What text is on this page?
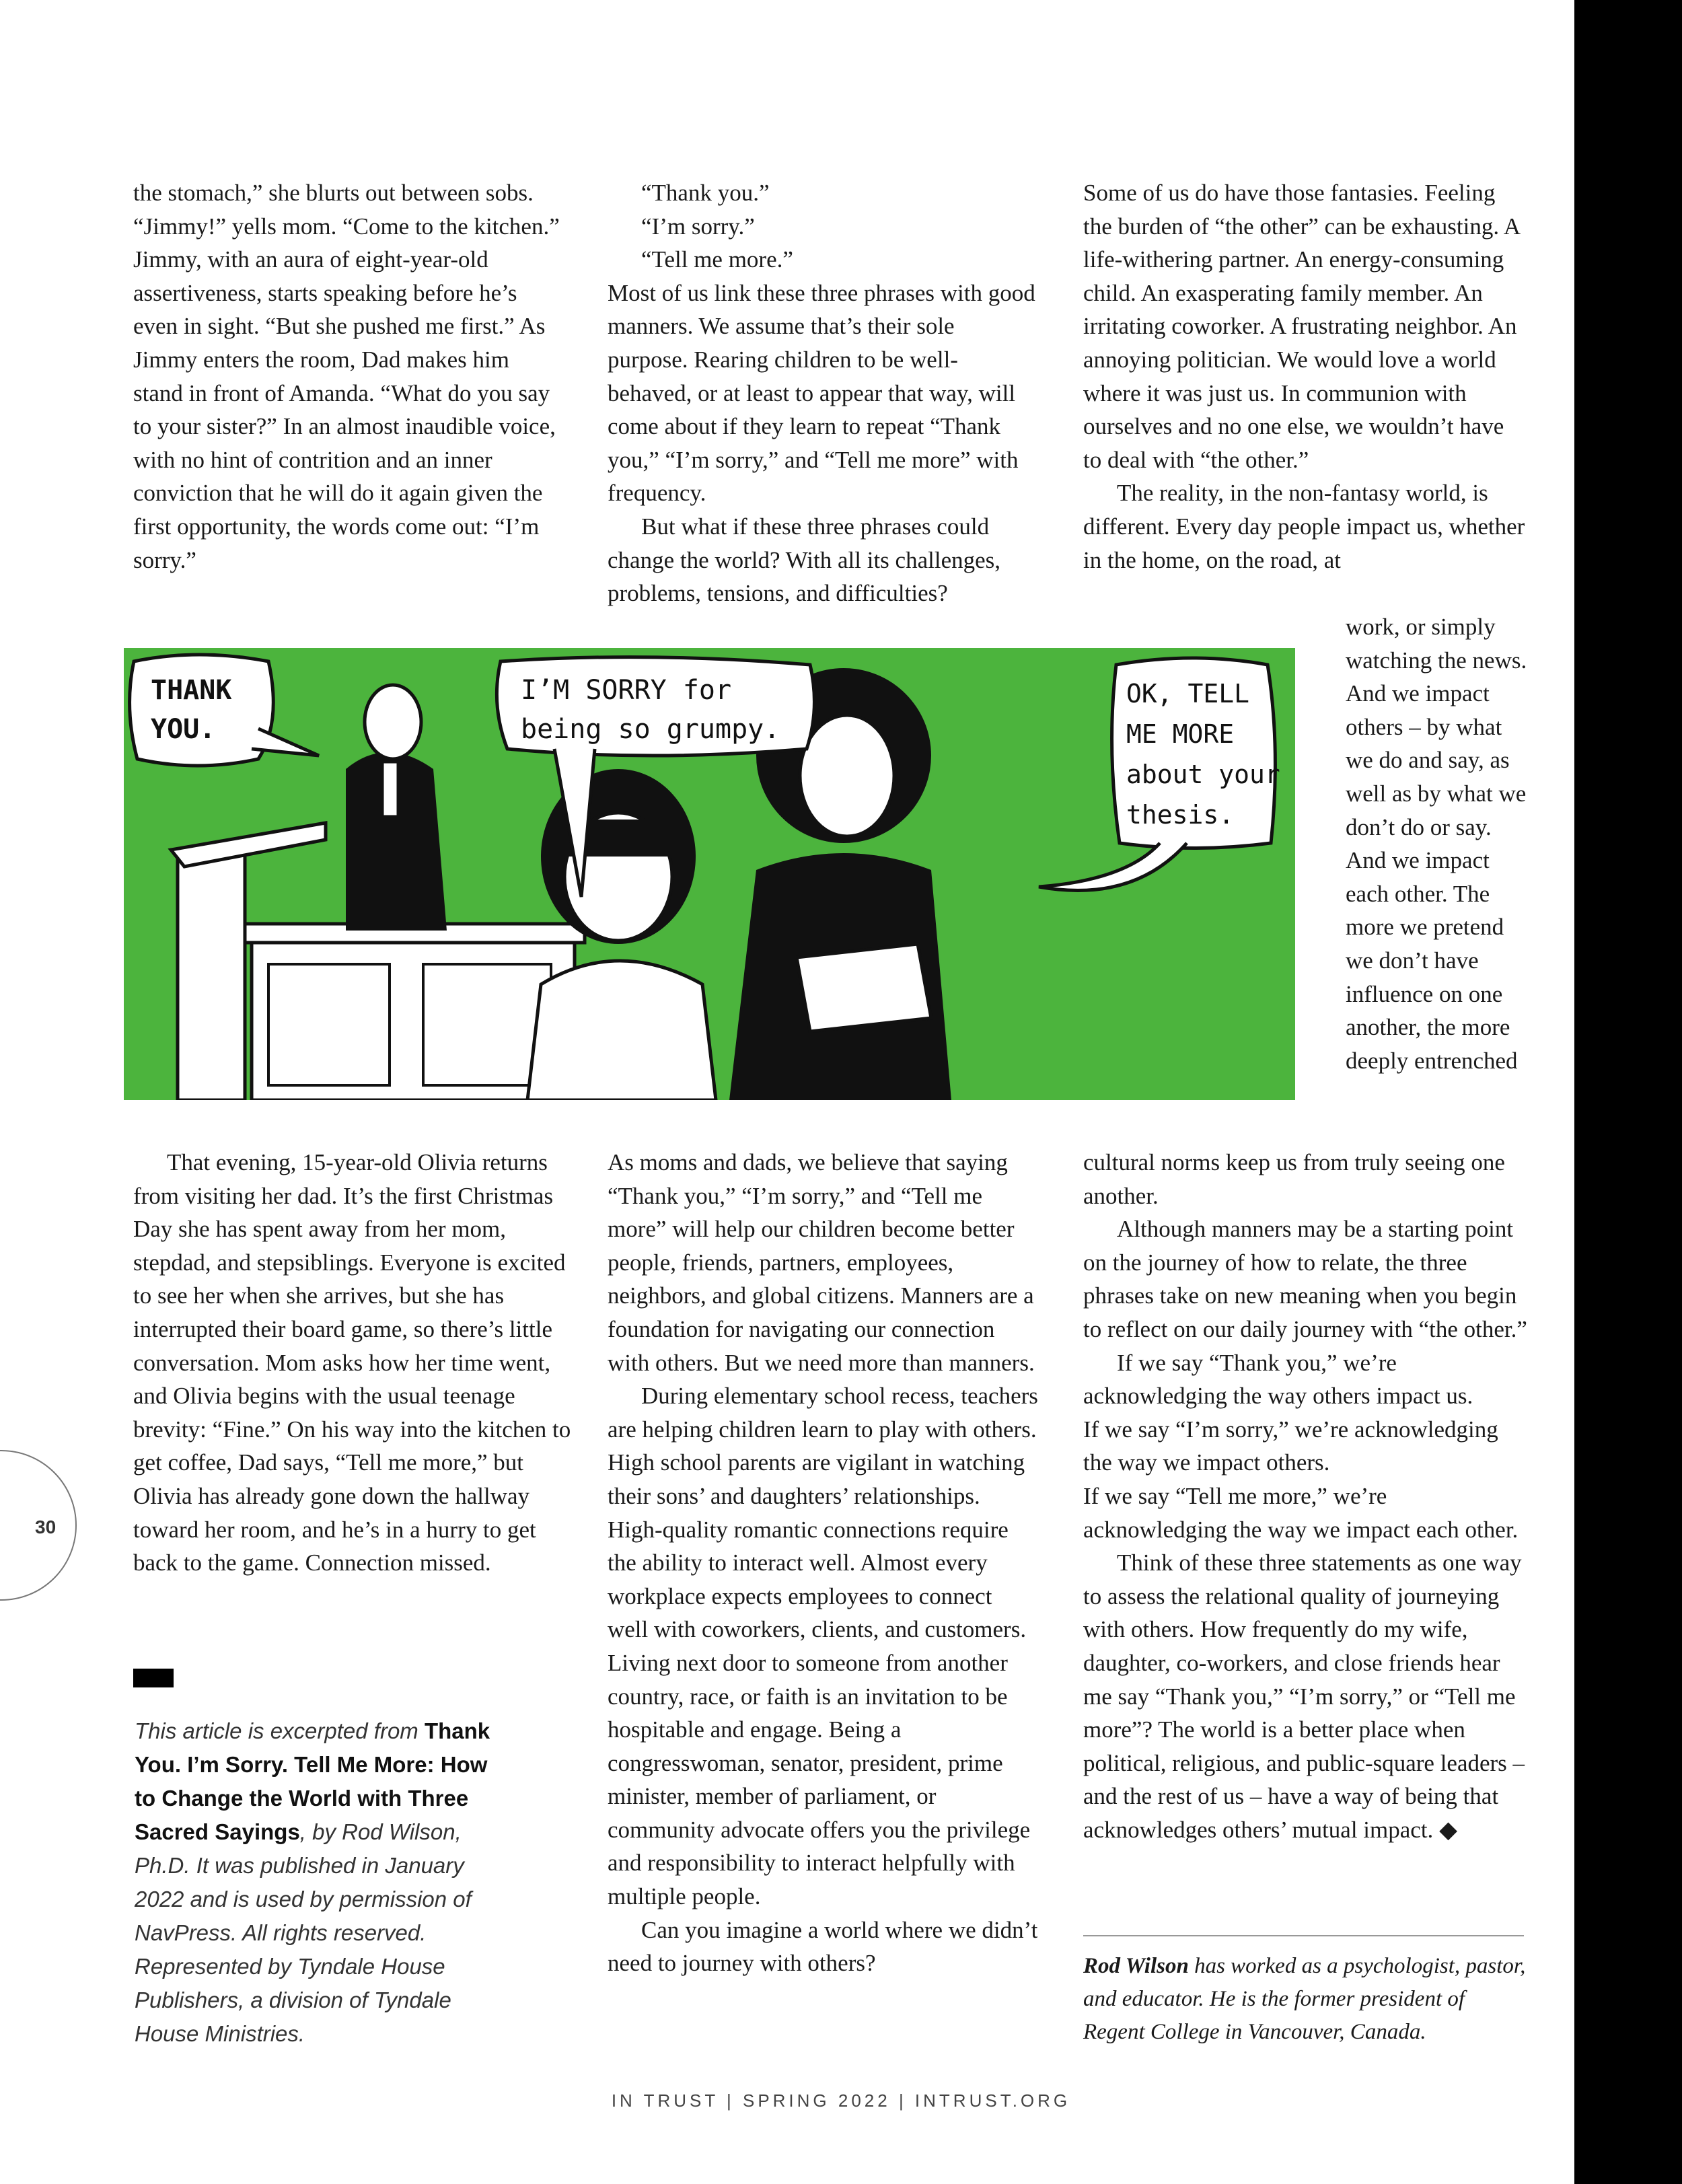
the stomach,” she blurts out between sobs. “Jimmy!” yells mom. “Come to the kitchen.” Jimmy, with an aura of eight-year-old assertiveness, starts speaking before he’s even in sight. “But she pushed me first.” As Jimmy enters the room, Dad makes him stand in front of Amanda. “What do you say to your sister?” In an almost inaudible voice, with no hint of contrition and an inner conviction that he will do it again given the first opportunity, the words come out: “I’m sorry.”

“Thank you.”

“I’m sorry.”

“Tell me more.”

Most of us link these three phrases with good manners. We assume that’s their sole purpose. Rearing children to be well-behaved, or at least to appear that way, will come about if they learn to repeat “Thank you,” “I’m sorry,” and “Tell me more” with frequency.

But what if these three phrases could change the world? With all its challenges, problems, tensions, and difficulties?

Some of us do have those fantasies. Feeling the burden of “the other” can be exhausting. A life-withering partner. An energy-consuming child. An exasperating family member. An irritating coworker. A frustrating neighbor. An annoying politician. We would love a world where it was just us. In communion with ourselves and no one else, we wouldn’t have to deal with “the other.”

The reality, in the non-fantasy world, is different. Every day people impact us, whether in the home, on the road, at

work, or simply watching the news. And we impact others – by what we do and say, as well as by what we don’t do or say. And we impact each other. The more we pretend we don’t have influence on one another, the more deeply entrenched

THANK
YOU.
I’M SORRY for
being so grumpy.
OK, TELL
ME MORE
about your
thesis.

That evening, 15-year-old Olivia returns from visiting her dad. It’s the first Christmas Day she has spent away from her mom, stepdad, and stepsiblings. Everyone is excited to see her when she arrives, but she has interrupted their board game, so there’s little conversation. Mom asks how her time went, and Olivia begins with the usual teenage brevity: “Fine.” On his way into the kitchen to get coffee, Dad says, “Tell me more,” but Olivia has already gone down the hallway toward her room, and he’s in a hurry to get back to the game. Connection missed.

As moms and dads, we believe that saying “Thank you,” “I’m sorry,” and “Tell me more” will help our children become better people, friends, partners, employees, neighbors, and global citizens. Manners are a foundation for navigating our connection with others. But we need more than manners.

During elementary school recess, teachers are helping children learn to play with others. High school parents are vigilant in watching their sons’ and daughters’ relationships. High-quality romantic connections require the ability to interact well. Almost every workplace expects employees to connect well with coworkers, clients, and customers. Living next door to someone from another country, race, or faith is an invitation to be hospitable and engage. Being a congresswoman, senator, president, prime minister, member of parliament, or community advocate offers you the privilege and responsibility to interact helpfully with multiple people.

Can you imagine a world where we didn’t need to journey with others?

cultural norms keep us from truly seeing one another.

Although manners may be a starting point on the journey of how to relate, the three phrases take on new meaning when you begin to reflect on our daily journey with “the other.”

If we say “Thank you,” we’re acknowledging the way others impact us.

If we say “I’m sorry,” we’re acknowledging the way we impact others.

If we say “Tell me more,” we’re acknowledging the way we impact each other.

Think of these three statements as one way to assess the relational quality of journeying with others. How frequently do my wife, daughter, co-workers, and close friends hear me say “Thank you,” “I’m sorry,” or “Tell me more”? The world is a better place when political, religious, and public-square leaders – and the rest of us – have a way of being that acknowledges others’ mutual impact. ◆

30
This article is excerpted from Thank You. I’m Sorry. Tell Me More: How to Change the World with Three Sacred Sayings, by Rod Wilson, Ph.D. It was published in January 2022 and is used by permission of NavPress. All rights reserved. Represented by Tyndale House Publishers, a division of Tyndale House Ministries.
Rod Wilson has worked as a psychologist, pastor, and educator. He is the former president of Regent College in Vancouver, Canada.
IN TRUST | SPRING 2022 | INTRUST.ORG
